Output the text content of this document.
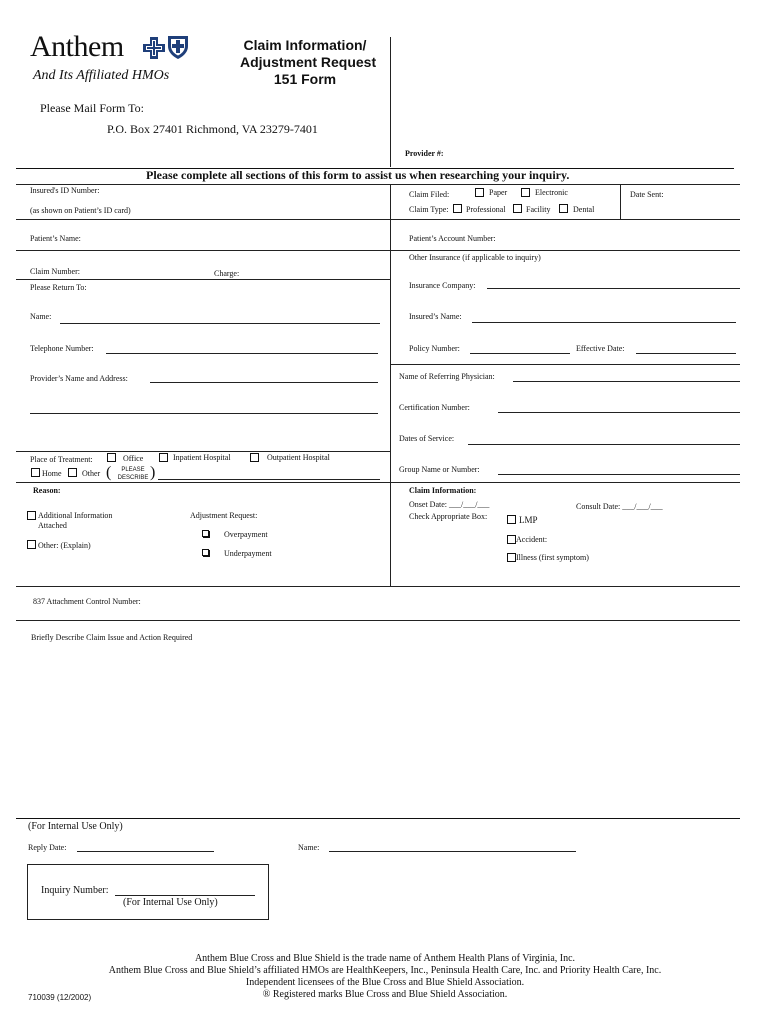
Anthem
And Its Affiliated HMOs
Claim Information/
Adjustment Request
151 Form
Please Mail Form To:
P.O. Box 27401 Richmond, VA 23279-7401
Provider #:
Please complete all sections of this form to assist us when researching your inquiry.
Insured's ID Number:
(as shown on Patient’s ID card)
Patient’s Name:
Claim Number:	Charge:
Please Return To:
Name:
Telephone Number:
Provider’s Name and Address:
Place of Treatment:	Office	Inpatient Hospital	Outpatient Hospital
Home	Other (	PLEASE
DESCRIBE )
Reason:
Additional Information
Attached
Other: (Explain)
Adjustment Request:
Overpayment
Underpayment
Claim Filed:	Paper	Electronic	Date Sent:
Claim Type: Professional	Facility	Dental
Patient’s Account Number:
Other Insurance (if applicable to inquiry)
Insurance Company:
Insured’s Name:
Policy Number:	Effective Date:
Name of Referring Physician:
Certification Number:
Dates of Service:
Group Name or Number:
Claim Information:
Onset Date: ___/___/___	Consult Date: ___/___/___
Check Appropriate Box:	LMP
Accident:
Illness (first symptom)
837 Attachment Control Number:
Briefly Describe Claim Issue and Action Required
(For Internal Use Only)
Reply Date:	Name:
Inquiry Number:
(For Internal Use Only)
Anthem Blue Cross and Blue Shield is the trade name of Anthem Health Plans of Virginia, Inc.
Anthem Blue Cross and Blue Shield’s affiliated HMOs are HealthKeepers, Inc., Peninsula Health Care, Inc. and Priority Health Care, Inc.
Independent licensees of the Blue Cross and Blue Shield Association.
® Registered marks Blue Cross and Blue Shield Association.
710039 (12/2002)
